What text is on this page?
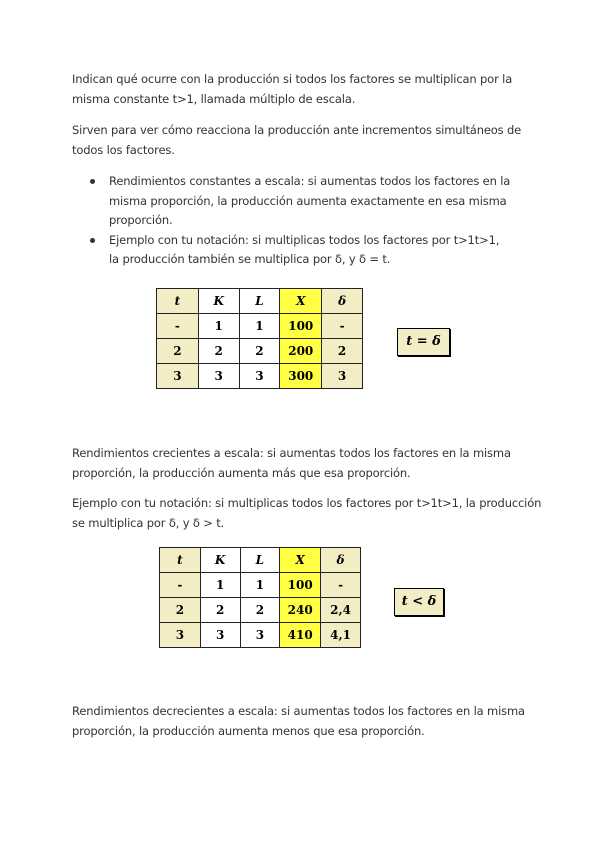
Indican qué ocurre con la producción si todos los factores se multiplican por la misma constante t>1, llamada múltiplo de escala.

Sirven para ver cómo reacciona la producción ante incrementos simultáneos de todos los factores.

Rendimientos constantes a escala: si aumentas todos los factores en la misma proporción, la producción aumenta exactamente en esa misma proporción.
Ejemplo con tu notación: si multiplicas todos los factores por t>1t>1, la producción también se multiplica por δ, y δ = t.
t	K	L	X	δ
-	1	1	100	-
2	2	2	200	2
3	3	3	300	3
t = δ

Rendimientos crecientes a escala: si aumentas todos los factores en la misma proporción, la producción aumenta más que esa proporción.

Ejemplo con tu notación: si multiplicas todos los factores por t>1t>1, la producción se multiplica por δ, y δ > t.

t	K	L	X	δ
-	1	1	100	-
2	2	2	240	2,4
3	3	3	410	4,1
t < δ

Rendimientos decrecientes a escala: si aumentas todos los factores en la misma proporción, la producción aumenta menos que esa proporción.
